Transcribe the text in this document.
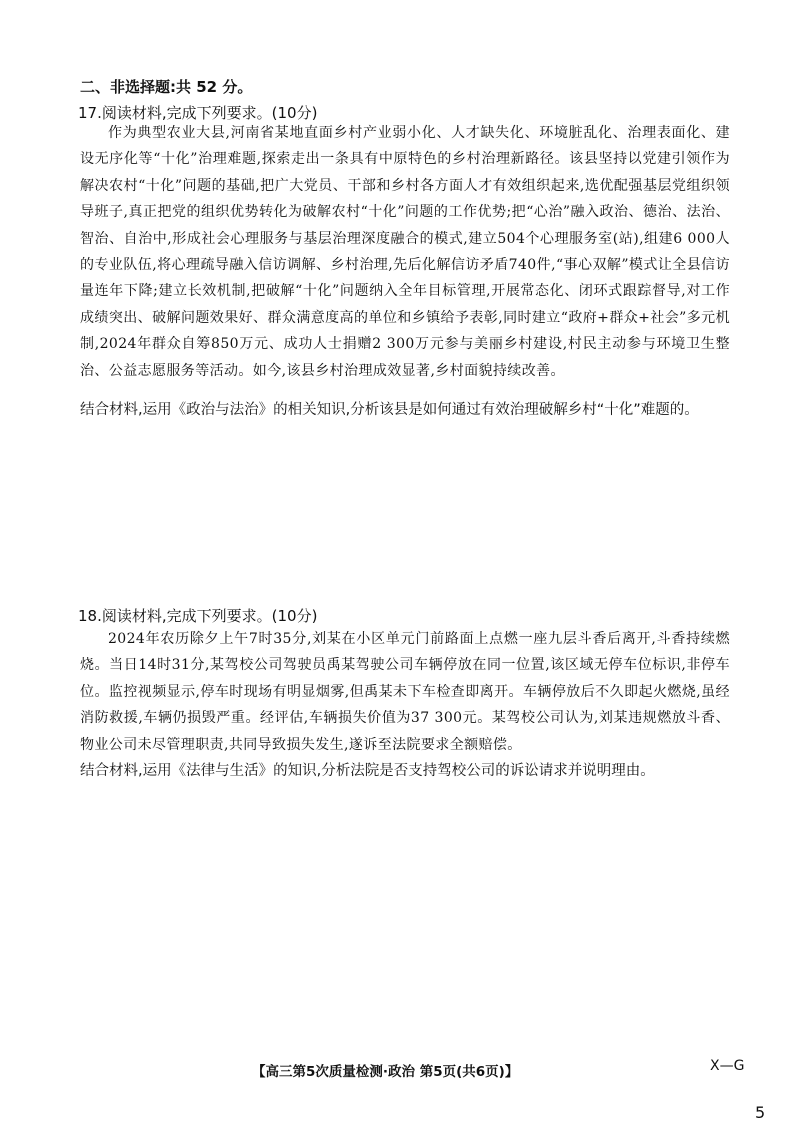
二、非选择题:共 52 分。
17.阅读材料,完成下列要求。(10分)

作为典型农业大县,河南省某地直面乡村产业弱小化、人才缺失化、环境脏乱化、治理表面化、建设无序化等“十化”治理难题,探索走出一条具有中原特色的乡村治理新路径。该县坚持以党建引领作为解决农村“十化”问题的基础,把广大党员、干部和乡村各方面人才有效组织起来,选优配强基层党组织领导班子,真正把党的组织优势转化为破解农村“十化”问题的工作优势;把“心治”融入政治、德治、法治、智治、自治中,形成社会心理服务与基层治理深度融合的模式,建立504个心理服务室(站),组建6 000人的专业队伍,将心理疏导融入信访调解、乡村治理,先后化解信访矛盾740件,“事心双解”模式让全县信访量连年下降;建立长效机制,把破解“十化”问题纳入全年目标管理,开展常态化、闭环式跟踪督导,对工作成绩突出、破解问题效果好、群众满意度高的单位和乡镇给予表彰,同时建立“政府+群众+社会”多元机制,2024年群众自筹850万元、成功人士捐赠2 300万元参与美丽乡村建设,村民主动参与环境卫生整治、公益志愿服务等活动。如今,该县乡村治理成效显著,乡村面貌持续改善。

结合材料,运用《政治与法治》的相关知识,分析该县是如何通过有效治理破解乡村“十化”难题的。
18.阅读材料,完成下列要求。(10分)

2024年农历除夕上午7时35分,刘某在小区单元门前路面上点燃一座九层斗香后离开,斗香持续燃烧。当日14时31分,某驾校公司驾驶员禹某驾驶公司车辆停放在同一位置,该区域无停车位标识,非停车位。监控视频显示,停车时现场有明显烟雾,但禹某未下车检查即离开。车辆停放后不久即起火燃烧,虽经消防救援,车辆仍损毁严重。经评估,车辆损失价值为37 300元。某驾校公司认为,刘某违规燃放斗香、物业公司未尽管理职责,共同导致损失发生,遂诉至法院要求全额赔偿。

结合材料,运用《法律与生活》的知识,分析法院是否支持驾校公司的诉讼请求并说明理由。
【高三第5次质量检测·政治 第5页(共6页)】	X—G
5
